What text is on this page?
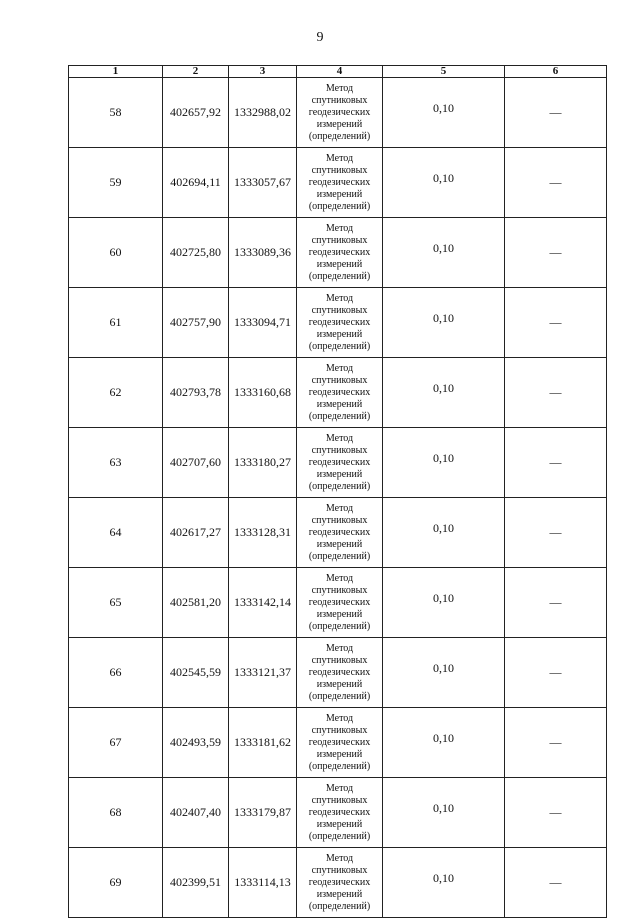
9
1	2	3	4	5	6
58	402657,92	1332988,02	Метод
спутниковых
геодезических
измерений
(определений)	0,10	—
59	402694,11	1333057,67	Метод
спутниковых
геодезических
измерений
(определений)	0,10	—
60	402725,80	1333089,36	Метод
спутниковых
геодезических
измерений
(определений)	0,10	—
61	402757,90	1333094,71	Метод
спутниковых
геодезических
измерений
(определений)	0,10	—
62	402793,78	1333160,68	Метод
спутниковых
геодезических
измерений
(определений)	0,10	—
63	402707,60	1333180,27	Метод
спутниковых
геодезических
измерений
(определений)	0,10	—
64	402617,27	1333128,31	Метод
спутниковых
геодезических
измерений
(определений)	0,10	—
65	402581,20	1333142,14	Метод
спутниковых
геодезических
измерений
(определений)	0,10	—
66	402545,59	1333121,37	Метод
спутниковых
геодезических
измерений
(определений)	0,10	—
67	402493,59	1333181,62	Метод
спутниковых
геодезических
измерений
(определений)	0,10	—
68	402407,40	1333179,87	Метод
спутниковых
геодезических
измерений
(определений)	0,10	—
69	402399,51	1333114,13	Метод
спутниковых
геодезических
измерений
(определений)	0,10	—
